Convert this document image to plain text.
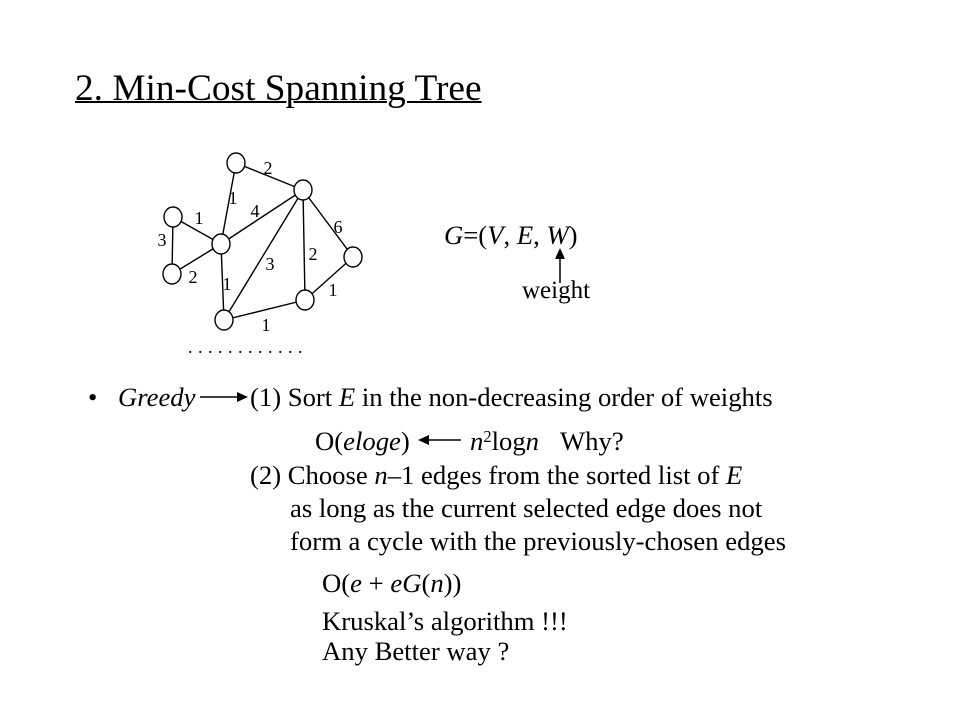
2. Min-Cost Spanning Tree
2
1
4
1
3
2 1
3 2
6
1
1
............
G=(V, E, W)
weight
• Greedy (1) Sort E in the non-decreasing order of weights
O(eloge) $n^2\log n$ Why?
(2) Choose n–1 edges from the sorted list of E
as long as the current selected edge does not
form a cycle with the previously-chosen edges
O(e + eG(n))
Kruskal’s algorithm !!!
Any Better way ?
